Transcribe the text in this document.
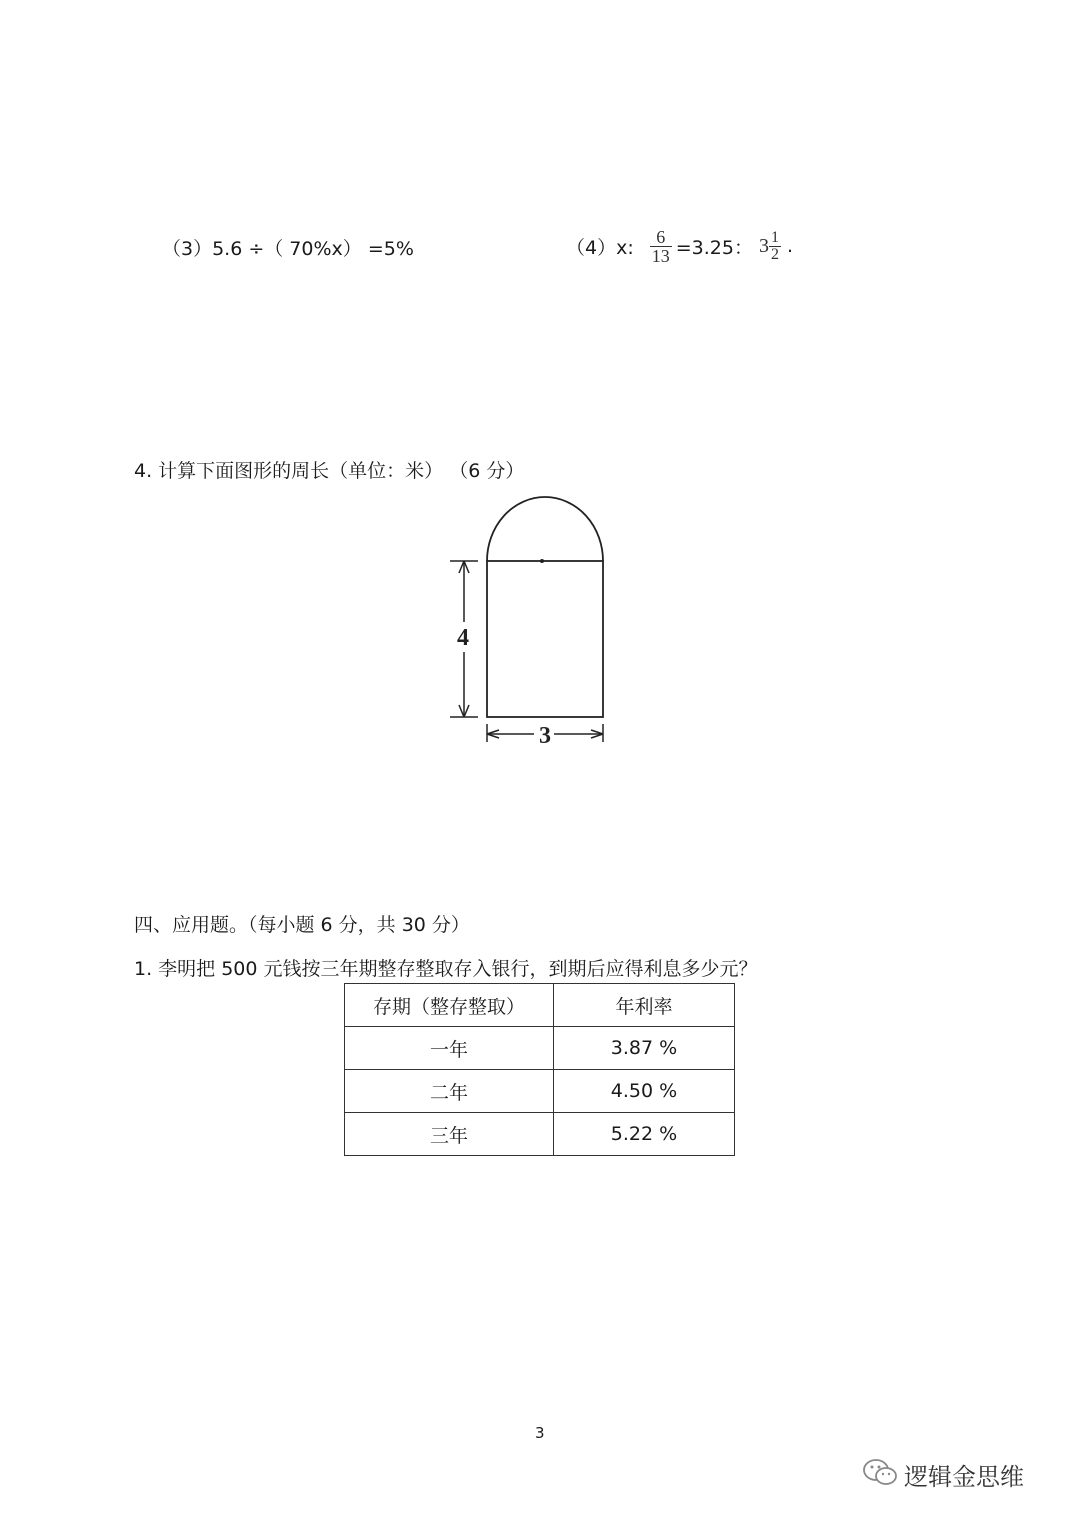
（3）5.6 ÷（ 70%x） =5%	（4）x: $\frac{6}{13} =3.25$： $3 \frac{1}{2}$ .
4. 计算下面图形的周长（单位：米） （6 分）
4
3
四、应用题。（每小题 6 分，共 30 分）
1. 李明把 500 元钱按三年期整存整取存入银行，到期后应得利息多少元？
存期（整存整取）	年利率
一年	3.87 %
二年	4.50 %
三年	5.22 %
3
逻辑金思维
